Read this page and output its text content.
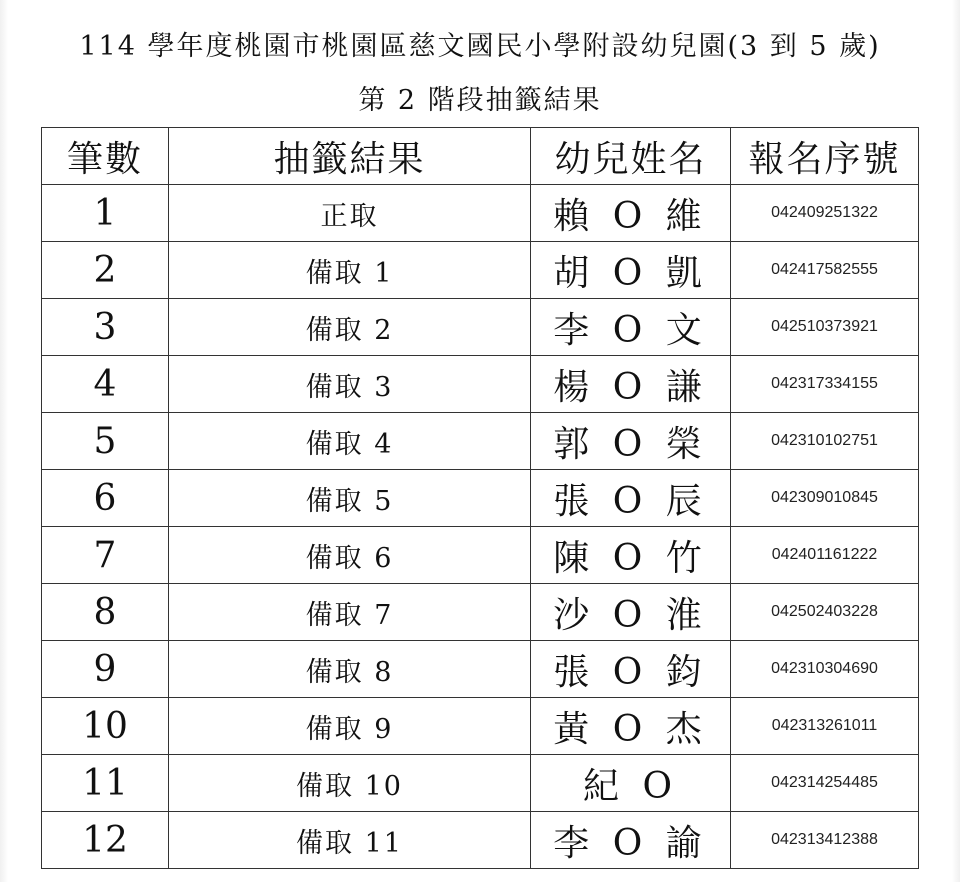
114 學年度桃園市桃園區慈文國民小學附設幼兒園(3 到 5 歲)
第 2 階段抽籤結果
筆數	抽籤結果	幼兒姓名	報名序號
1	正取	賴 O 維	042409251322
2	備取 1	胡 O 凱	042417582555
3	備取 2	李 O 文	042510373921
4	備取 3	楊 O 謙	042317334155
5	備取 4	郭 O 榮	042310102751
6	備取 5	張 O 辰	042309010845
7	備取 6	陳 O 竹	042401161222
8	備取 7	沙 O 淮	042502403228
9	備取 8	張 O 鈞	042310304690
10	備取 9	黃 O 杰	042313261011
11	備取 10	紀 O	042314254485
12	備取 11	李 O 諭	042313412388
